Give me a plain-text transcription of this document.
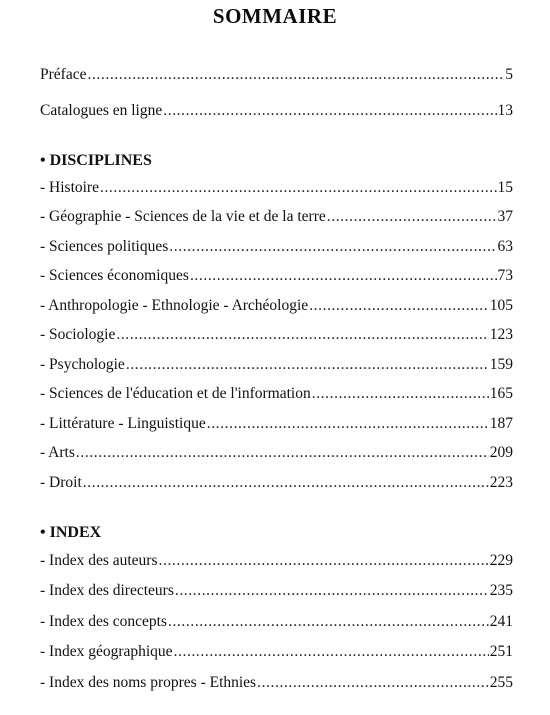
SOMMAIRE
Préface .....	5
Catalogues en ligne .....	13
• DISCIPLINES
- Histoire .....	15
- Géographie - Sciences de la vie et de la terre .....	37
- Sciences politiques .....	63
- Sciences économiques .....	73
- Anthropologie - Ethnologie - Archéologie .....	105
- Sociologie .....	123
- Psychologie .....	159
- Sciences de l'éducation et de l'information .....	165
- Littérature - Linguistique .....	187
- Arts .....	209
- Droit .....	223
• INDEX
- Index des auteurs .....	229
- Index des directeurs .....	235
- Index des concepts .....	241
- Index géographique .....	251
- Index des noms propres - Ethnies .....	255
